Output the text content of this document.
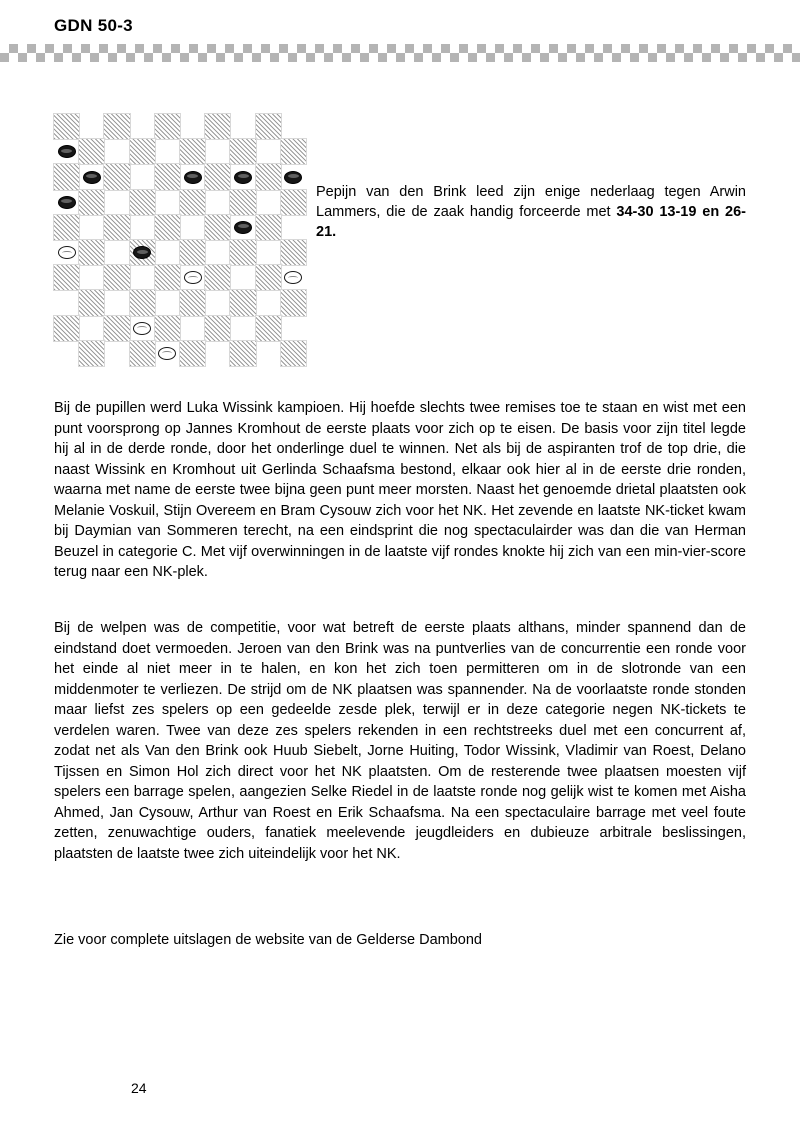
GDN 50-3
Pepijn van den Brink leed zijn enige nederlaag tegen Arwin Lammers, die de zaak handig forceerde met 34-30 13-19 en 26-21.
Bij de pupillen werd Luka Wissink kampioen. Hij hoefde slechts twee remises toe te staan en wist met een punt voorsprong op Jannes Kromhout de eerste plaats voor zich op te eisen. De basis voor zijn titel legde hij al in de derde ronde, door het onderlinge duel te winnen. Net als bij de aspiranten trof de top drie, die naast Wissink en Kromhout uit Gerlinda Schaafsma bestond, elkaar ook hier al in de eerste drie ronden, waarna met name de eerste twee bijna geen punt meer morsten. Naast het genoemde drietal plaatsten ook Melanie Voskuil, Stijn Overeem en Bram Cysouw zich voor het NK. Het zevende en laatste NK-ticket kwam bij Daymian van Sommeren terecht, na een eindsprint die nog spectaculairder was dan die van Herman Beuzel in categorie C. Met vijf overwinningen in de laatste vijf rondes knokte hij zich van een min-vier-score terug naar een NK-plek.
Bij de welpen was de competitie, voor wat betreft de eerste plaats althans, minder spannend dan de eindstand doet vermoeden. Jeroen van den Brink was na puntverlies van de concurrentie een ronde voor het einde al niet meer in te halen, en kon het zich toen permitteren om in de slotronde van een middenmoter te verliezen. De strijd om de NK plaatsen was spannender. Na de voorlaatste ronde stonden maar liefst zes spelers op een gedeelde zesde plek, terwijl er in deze categorie negen NK-tickets te verdelen waren. Twee van deze zes spelers rekenden in een rechtstreeks duel met een concurrent af, zodat net als Van den Brink ook Huub Siebelt, Jorne Huiting, Todor Wissink, Vladimir van Roest, Delano Tijssen en Simon Hol zich direct voor het NK plaatsten. Om de resterende twee plaatsen moesten vijf spelers een barrage spelen, aangezien Selke Riedel in de laatste ronde nog gelijk wist te komen met Aisha Ahmed, Jan Cysouw, Arthur van Roest en Erik Schaafsma. Na een spectaculaire barrage met veel foute zetten, zenuwachtige ouders, fanatiek meelevende jeugdleiders en dubieuze arbitrale beslissingen, plaatsten de laatste twee zich uiteindelijk voor het NK.
Zie voor complete uitslagen de website van de Gelderse Dambond
24
